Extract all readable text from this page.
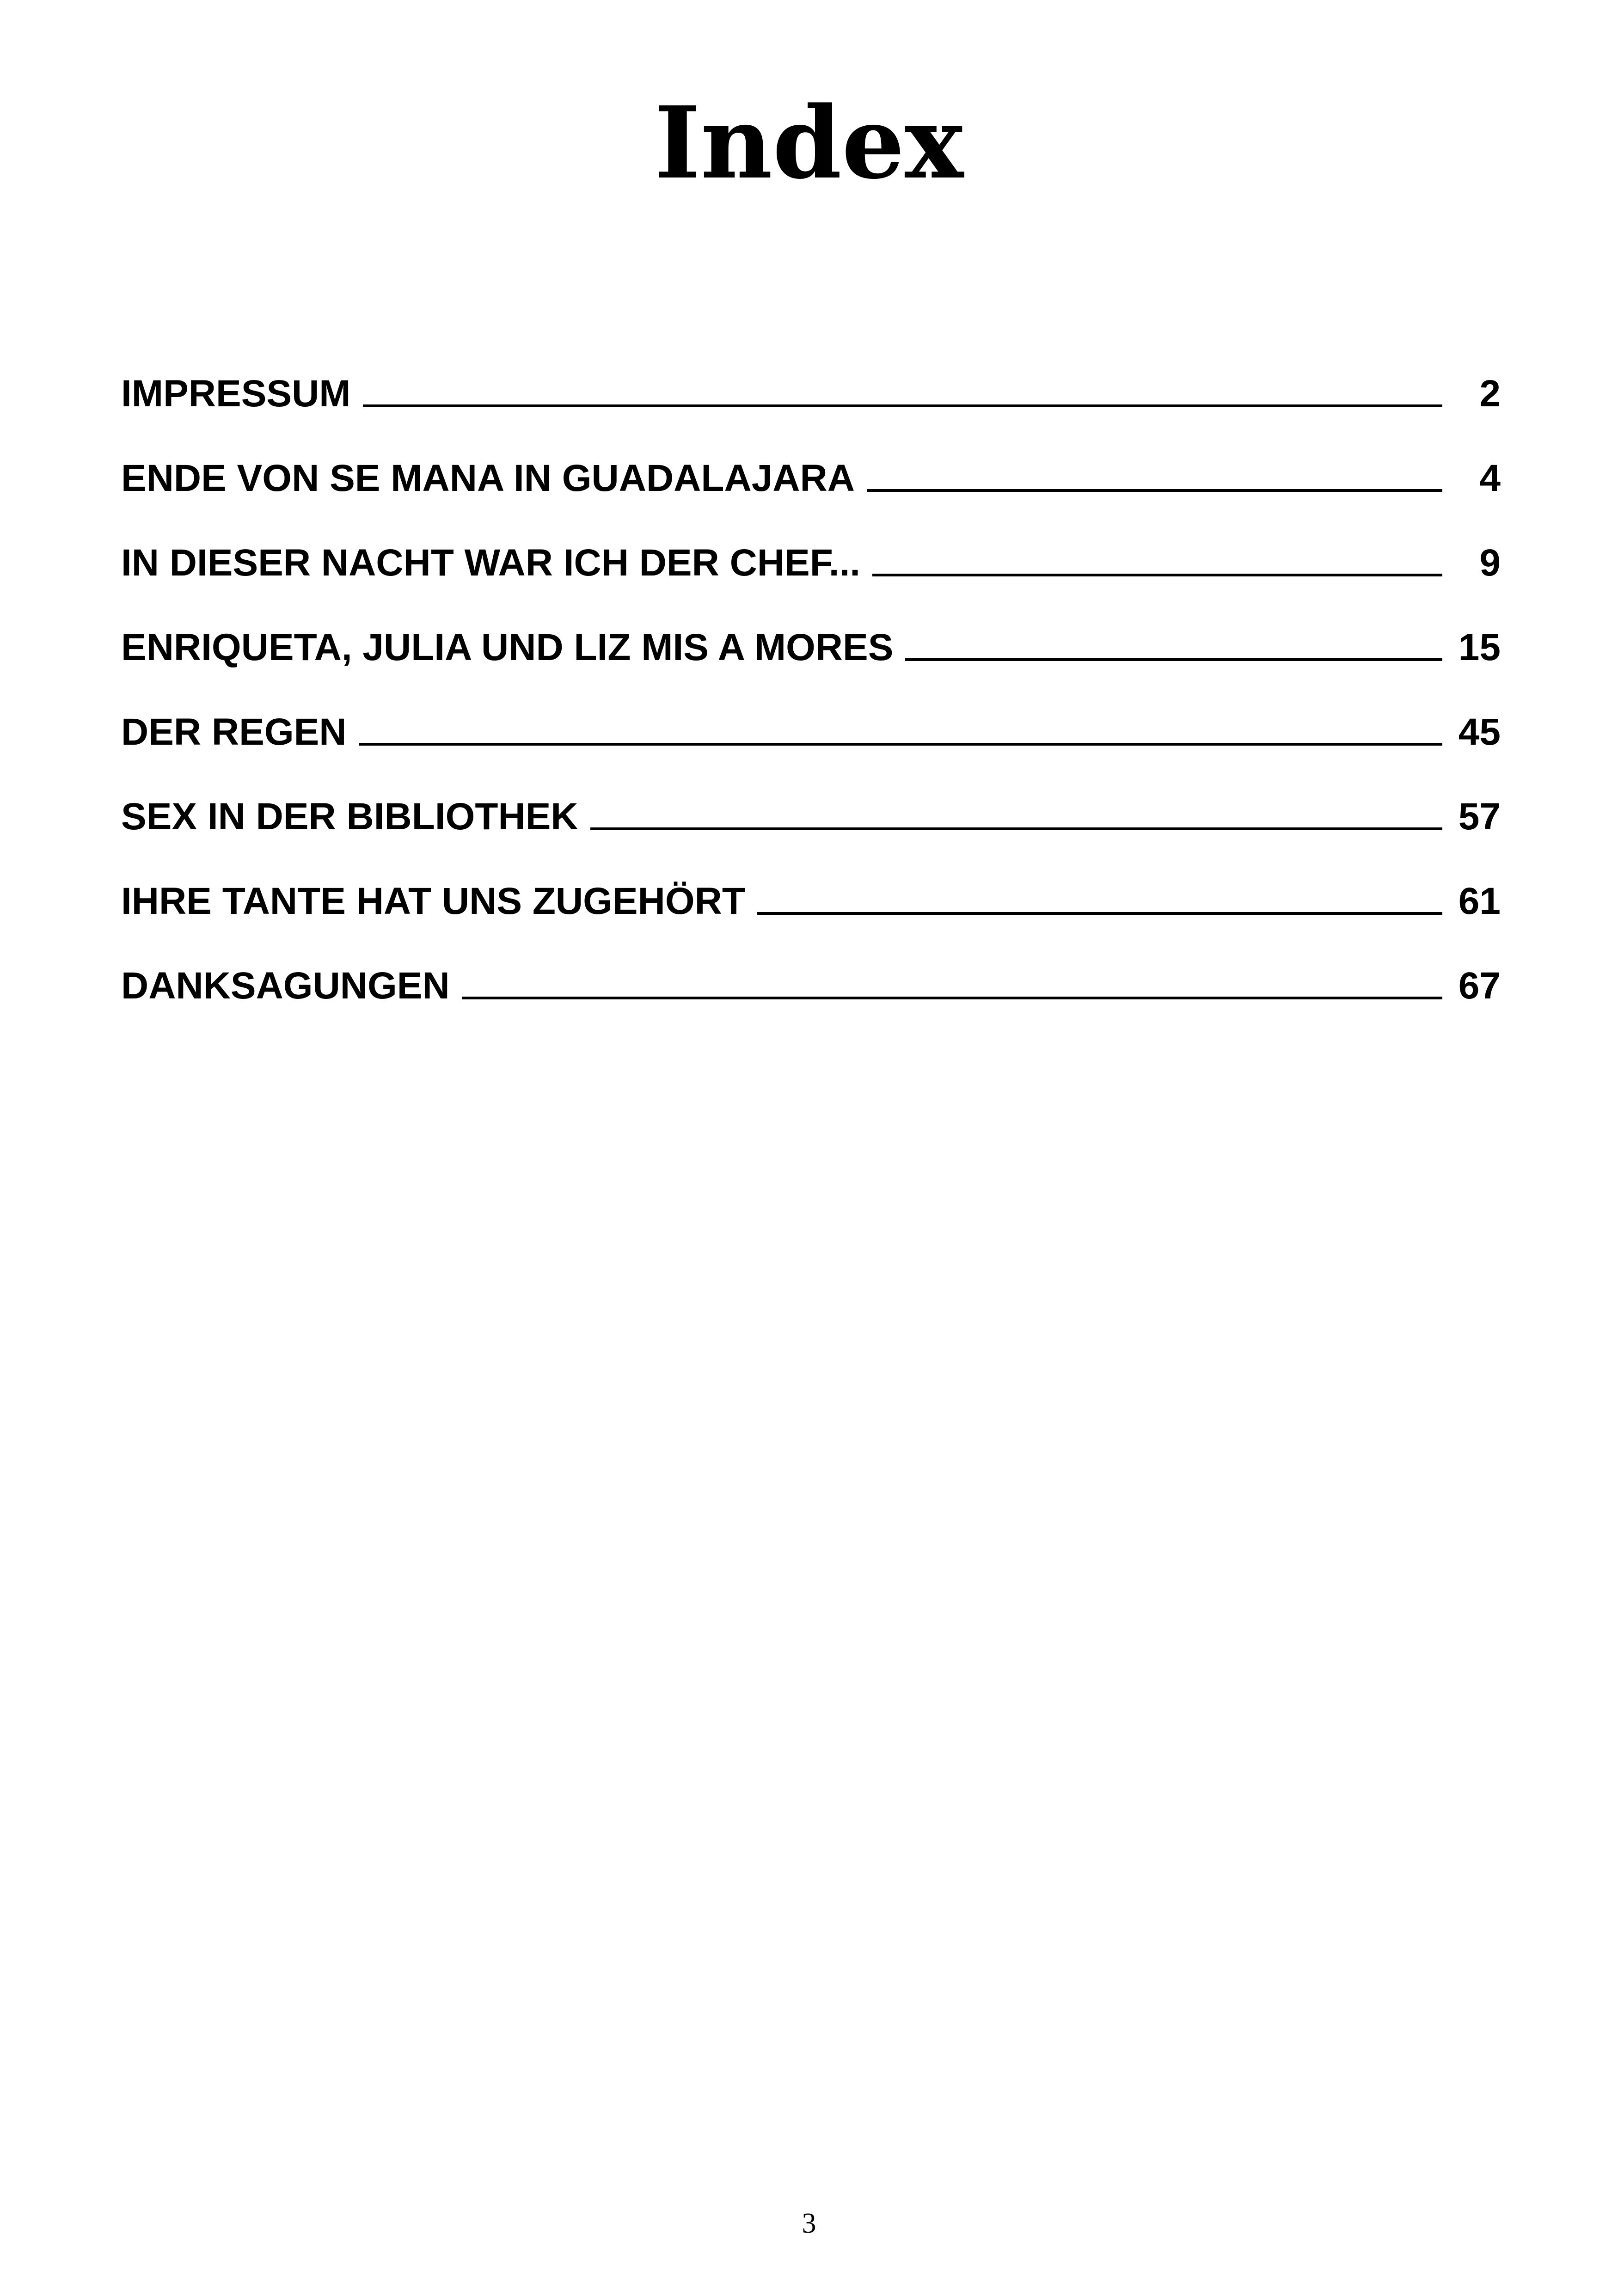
Index
IMPRESSUM	2
ENDE VON SE MANA IN GUADALAJARA	4
IN DIESER NACHT WAR ICH DER CHEF...	9
ENRIQUETA, JULIA UND LIZ MIS A MORES	15
DER REGEN	45
SEX IN DER BIBLIOTHEK	57
IHRE TANTE HAT UNS ZUGEHÖRT	61
DANKSAGUNGEN	67
3
